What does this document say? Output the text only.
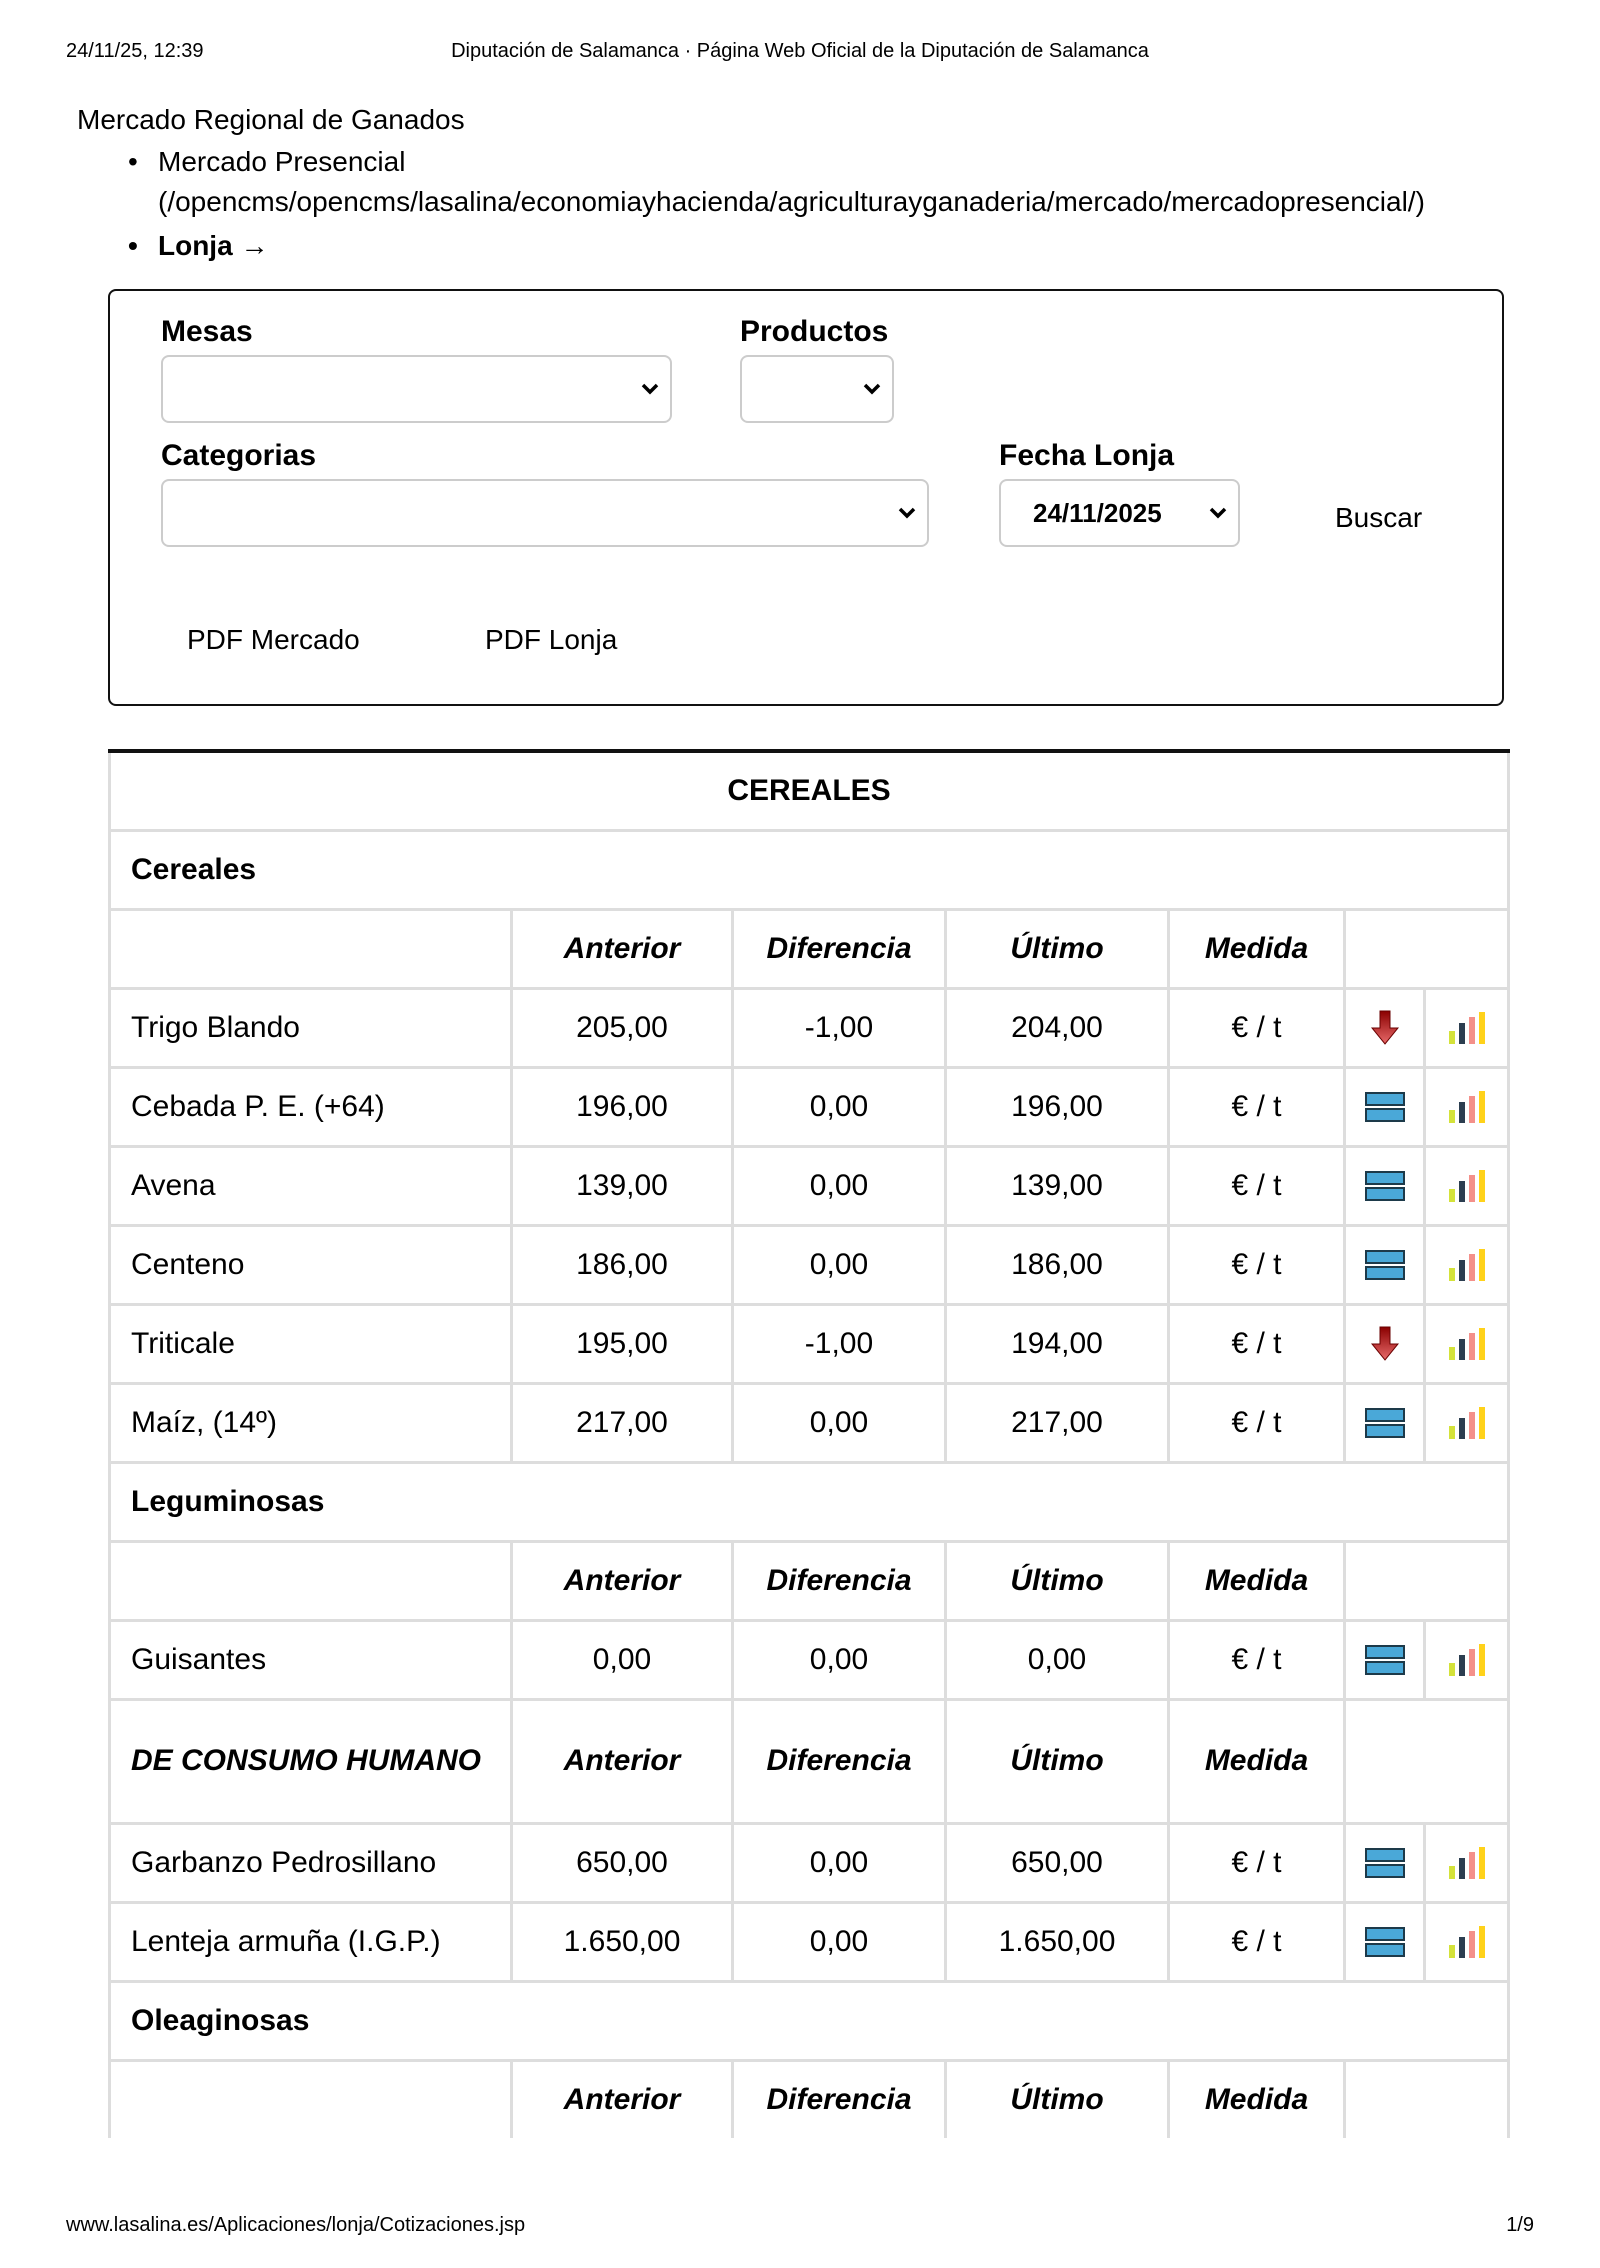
24/11/25, 12:39	Diputación de Salamanca · Página Web Oficial de la Diputación de Salamanca
Mercado Regional de Ganados
• Mercado Presencial
(/opencms/opencms/lasalina/economiayhacienda/agriculturayganaderia/mercado/mercadopresencial/)
• Lonja →
Mesas	Productos
Categorias	Fecha Lonja
24/11/2025	Buscar
PDF Mercado	PDF Lonja
CEREALES						
Cereales						
	Anterior	Diferencia	Último	Medida		
Trigo Blando	205,00	-1,00	204,00	€ / t	

Cebada P. E. (+64)	196,00	0,00	196,00	€ / t	

Avena	139,00	0,00	139,00	€ / t	

Centeno	186,00	0,00	186,00	€ / t	

Triticale	195,00	-1,00	194,00	€ / t	

Maíz, (14º)	217,00	0,00	217,00	€ / t	

Leguminosas						
	Anterior	Diferencia	Último	Medida		
Guisantes	0,00	0,00	0,00	€ / t	

DE CONSUMO HUMANO	Anterior	Diferencia	Último	Medida		
Garbanzo Pedrosillano	650,00	0,00	650,00	€ / t	

Lenteja armuña (I.G.P.)	1.650,00	0,00	1.650,00	€ / t	

Oleaginosas						
	Anterior	Diferencia	Último	Medida		
www.lasalina.es/Aplicaciones/lonja/Cotizaciones.jsp	1/9
